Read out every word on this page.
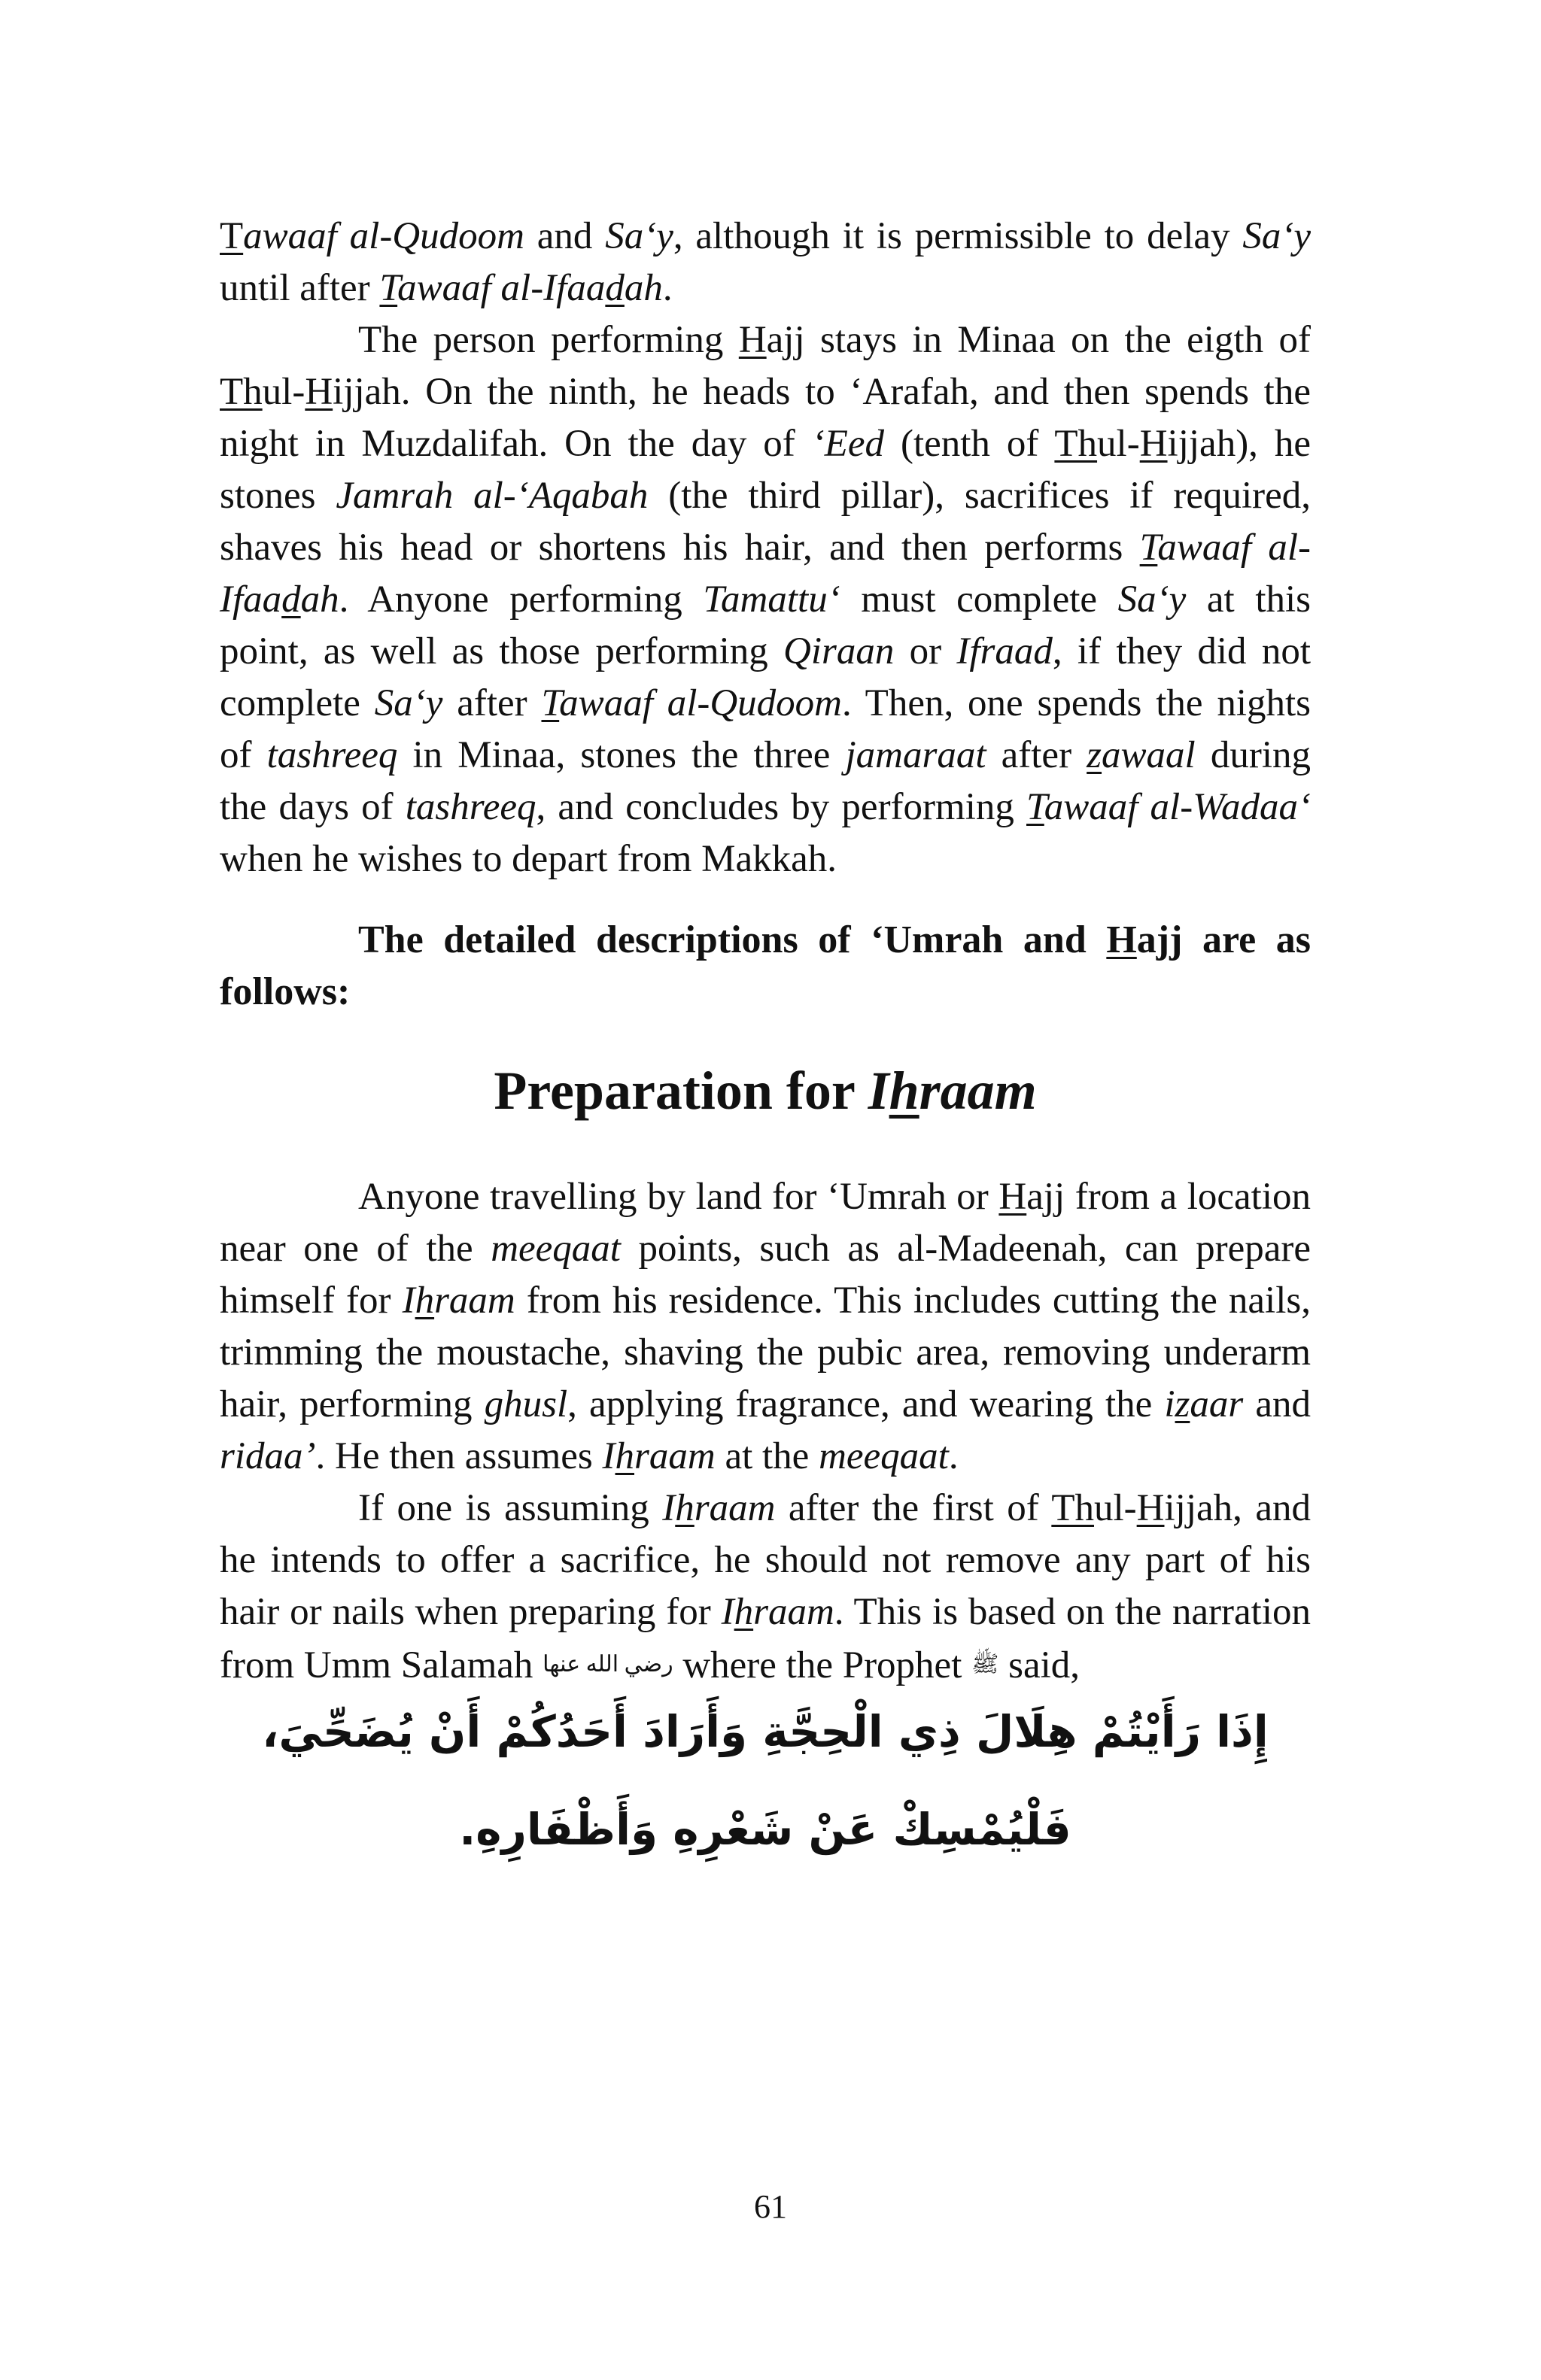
Tawaaf al-Qudoom and Sa‘y, although it is permissible to delay Sa‘y until after Tawaaf al-Ifaadah.

The person performing Hajj stays in Minaa on the eigth of Thul-Hijjah. On the ninth, he heads to ‘Arafah, and then spends the night in Muzdalifah. On the day of ‘Eed (tenth of Thul-Hijjah), he stones Jamrah al-‘Aqabah (the third pillar), sacrifices if required, shaves his head or shortens his hair, and then performs Tawaaf al-Ifaadah. Anyone performing Tamattu‘ must complete Sa‘y at this point, as well as those performing Qiraan or Ifraad, if they did not complete Sa‘y after Tawaaf al-Qudoom. Then, one spends the nights of tashreeq in Minaa, stones the three jamaraat after zawaal during the days of tashreeq, and concludes by performing Tawaaf al-Wadaa‘ when he wishes to depart from Makkah.

The detailed descriptions of ‘Umrah and Hajj are as follows:

Preparation for Ihraam

Anyone travelling by land for ‘Umrah or Hajj from a location near one of the meeqaat points, such as al-Madeenah, can prepare himself for Ihraam from his residence. This includes cutting the nails, trimming the moustache, shaving the pubic area, removing underarm hair, performing ghusl, applying fragrance, and wearing the izaar and ridaa’. He then assumes Ihraam at the meeqaat.

If one is assuming Ihraam after the first of Thul-Hijjah, and he intends to offer a sacrifice, he should not remove any part of his hair or nails when preparing for Ihraam. This is based on the narration from Umm Salamah رضي الله عنها where the Prophet ﷺ said,

إِذَا رَأَيْتُمْ هِلَالَ ذِي الْحِجَّةِ وَأَرَادَ أَحَدُكُمْ أَنْ يُضَحِّيَ،
فَلْيُمْسِكْ عَنْ شَعْرِهِ وَأَظْفَارِهِ.
61
